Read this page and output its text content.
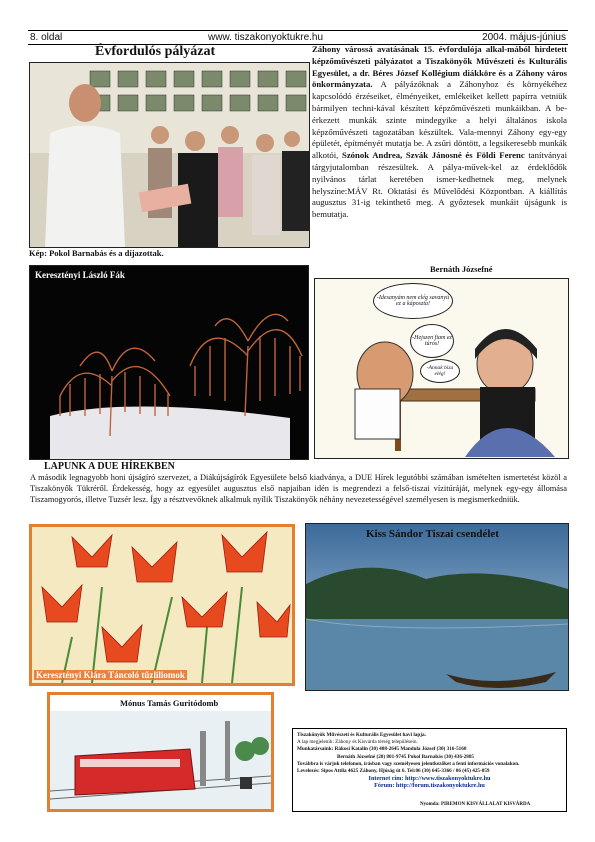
8. oldal	www. tiszakonyoktukre.hu	2004. május-június
Évfordulós pályázat
Kép: Pokol Barnabás és a díjazottak.
Záhony várossá avatásának 15. évfordulója alkal-mából hirdetett képzőművészeti pályázatot a Tiszakönyők Művészeti és Kulturális Egyesület, a dr. Béres József Kollégium diákköre és a Záhony város önkormányzata. A pályázóknak a Záhonyhoz és környékéhez kapcsolódó érzéseiket, élményeiket, emlékeiket kellett papírra vetniük bármilyen techni-kával készített képzőművészeti munkáikban. A be-érkezett munkák szinte mindegyike a helyi általános iskola képzőművészeti tagozatában készültek. Vala-mennyi Záhony egy-egy épületét, építményét mutatja be. A zsűri döntött, a legsikeresebb munkák alkotói, Szónok Andrea, Szvák Jánosné és Földi Ferenc tanítványai tárgyjutalomban részesültek. A pálya-művek-kel az érdeklődők nyilvános tárlat keretében ismer-kedhetnek meg, melynek helyszíne:MÁV Rt. Oktatási és Művelődési Központban. A kiállítás augusztus 31-ig tekinthető meg. A győztesek munkáit újságunk is bemutatja.
Bernáth Józsefné
Keresztényi László Fák
-Idesanyám nem elég savanyú ez a káposzta!
-Hejszen fiam ez túrós!
-Annak biza elég!
LAPUNK A DUE HÍREKBEN
A második legnagyobb honi újságíró szervezet, a Diákújságírók Egyesülete belső kiadványa, a DUE Hírek legutóbbi számában ismételten ismertetést közöl a Tiszakönyők Tükréről. Érdekesség, hogy az egyesület augusztus első napjaiban idén is megrendezi a felső-tiszai vízitúráját, melynek egy-egy állomása Tiszamogyorós, illetve Tuzsér lesz. Így a résztvevőknek alkalmuk nyílik Tiszakönyők néhány nevezetességével személyesen is megismerkedniük.
Keresztényi Klára Táncoló tűzliliomok
Kiss Sándor Tiszai csendélet
Mónus Tamás Guritódomb
Tiszakönyök Művészeti és Kulturális Egyesület havi lapja.
A lap megjelenik: Záhony és Kisvárda térség településein.
Munkatársaink: Rákosi Katalin (30) 408-2645 Mandula József (30) 316-5160
Bernáth Józsefné (20) 801-9745 Pokol Barnabás (30) 436-2885
Továbbra is várjuk telefonon, írásban vagy személyesen jelentkezőket a fenti információs vonalakon.
Levelezés: Sipos Attila 4625 Záhony, Hjúság út 6. Tel:06 (30) 645-3366 / 06 (45) 425-059
Internet cím: http://www.tiszakonyoktukre.hu
Fórum: http://forum.tiszakonyoktukre.hu
Nyomda: PIREMON KISVÁLLALAT KISVÁRDA
